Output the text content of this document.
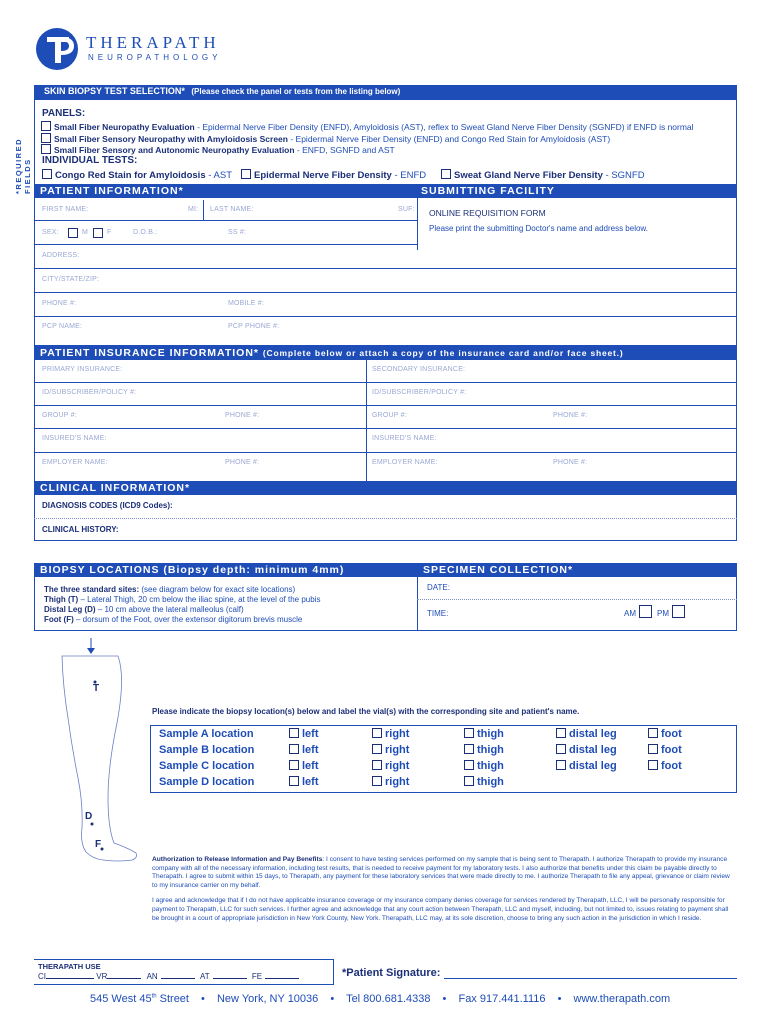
THERAPATH
NEUROPATHOLOGY
*REQUIRED FIELDS
SKIN BIOPSY TEST SELECTION* (Please check the panel or tests from the listing below)
PANELS:
Small Fiber Neuropathy Evaluation - Epidermal Nerve Fiber Density (ENFD), Amyloidosis (AST), reflex to Sweat Gland Nerve Fiber Density (SGNFD) if ENFD is normal
Small Fiber Sensory Neuropathy with Amyloidosis Screen - Epidermal Nerve Fiber Density (ENFD) and Congo Red Stain for Amyloidosis (AST)
Small Fiber Sensory and Autonomic Neuropathy Evaluation - ENFD, SGNFD and AST
INDIVIDUAL TESTS:
Congo Red Stain for Amyloidosis - AST	Epidermal Nerve Fiber Density - ENFD	Sweat Gland Nerve Fiber Density - SGNFD
PATIENT INFORMATION*	SUBMITTING FACILITY
FIRST NAME:	MI: LAST NAME:	SUF:
SEX:	M	F	D.O.B.:	SS #:
ONLINE REQUISITION FORM
Please print the submitting Doctor's name and address below.
ADDRESS:
CITY/STATE/ZIP:
PHONE #:	MOBILE #:
PCP NAME:	PCP PHONE #:
PATIENT INSURANCE INFORMATION* (Complete below or attach a copy of the insurance card and/or face sheet.)
PRIMARY INSURANCE:	SECONDARY INSURANCE:
ID/SUBSCRIBER/POLICY #:	ID/SUBSCRIBER/POLICY #:
GROUP #:	PHONE #:	GROUP #:	PHONE #:
INSURED'S NAME:	INSURED'S NAME:
EMPLOYER NAME:	PHONE #:	EMPLOYER NAME:	PHONE #:
CLINICAL INFORMATION*
DIAGNOSIS CODES (ICD9 Codes):
CLINICAL HISTORY:
BIOPSY LOCATIONS (Biopsy depth: minimum 4mm)	SPECIMEN COLLECTION*
The three standard sites: (see diagram below for exact site locations)
Thigh (T) – Lateral Thigh, 20 cm below the iliac spine, at the level of the pubis
Distal Leg (D) – 10 cm above the lateral malleolus (calf)
Foot (F) – dorsum of the Foot, over the extensor digitorum brevis muscle
DATE:
TIME:	AM	PM
T
D
F
Please indicate the biopsy location(s) below and label the vial(s) with the corresponding site and patient's name.
Sample A location	left	right	thigh	distal leg	foot
Sample B location	left	right	thigh	distal leg	foot
Sample C location	left	right	thigh	distal leg	foot
Sample D location	left	right	thigh

Authorization to Release Information and Pay Benefits: I consent to have testing services performed on my sample that is being sent to Therapath. I authorize Therapath to provide my insurance company with all of the necessary information, including test results, that is needed to receive payment for my laboratory tests. I also authorize that benefits under this claim be payable directly to Therapath. I agree to submit within 15 days, to Therapath, any payment for these laboratory services that were made directly to me. I authorize Therapath to file any appeal, grievance or claim review to my insurance carrier on my behalf.

I agree and acknowledge that if I do not have applicable insurance coverage or my insurance company denies coverage for services rendered by Therapath, LLC, I will be personally responsible for payment to Therapath, LLC for such services. I further agree and acknowledge that any court action between Therapath, LLC and myself, including, but not limited to, issues relating to payment shall be brought in a court of appropriate jurisdiction in New York County, New York. Therapath, LLC may, at its sole discretion, choose to bring any such action in the jurisdiction in which I reside.

THERAPATH USE
CI	VR	AN	AT	FE	*Patient Signature:
545 West 45th Street • New York, NY 10036 • Tel 800.681.4338 • Fax 917.441.1116 • www.therapath.com
